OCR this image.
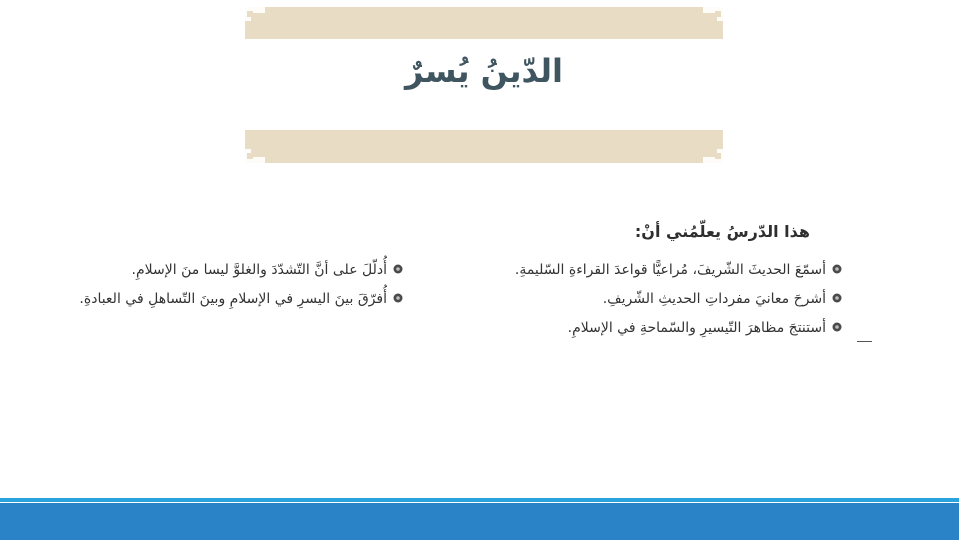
الدّينُ يُسرٌ
هذا الدّرسُ يعلّمُني أنْ:
أسمّعَ الحديثَ الشّريفَ، مُراعيًّا قواعدَ القراءةِ السّليمةِ.
أشرحَ معانيَ مفرداتِ الحديثِ الشّريفِ.
أستنتجَ مظاهرَ التّيسيرِ والسّماحةِ في الإسلامِ.
أُدلّلَ على أنَّ التّشدّدَ والغلوَّ ليسا منَ الإسلامِ.
أُفرّقَ بينَ اليسرِ في الإسلامِ وبينَ التّساهلِ في العبادةِ.
